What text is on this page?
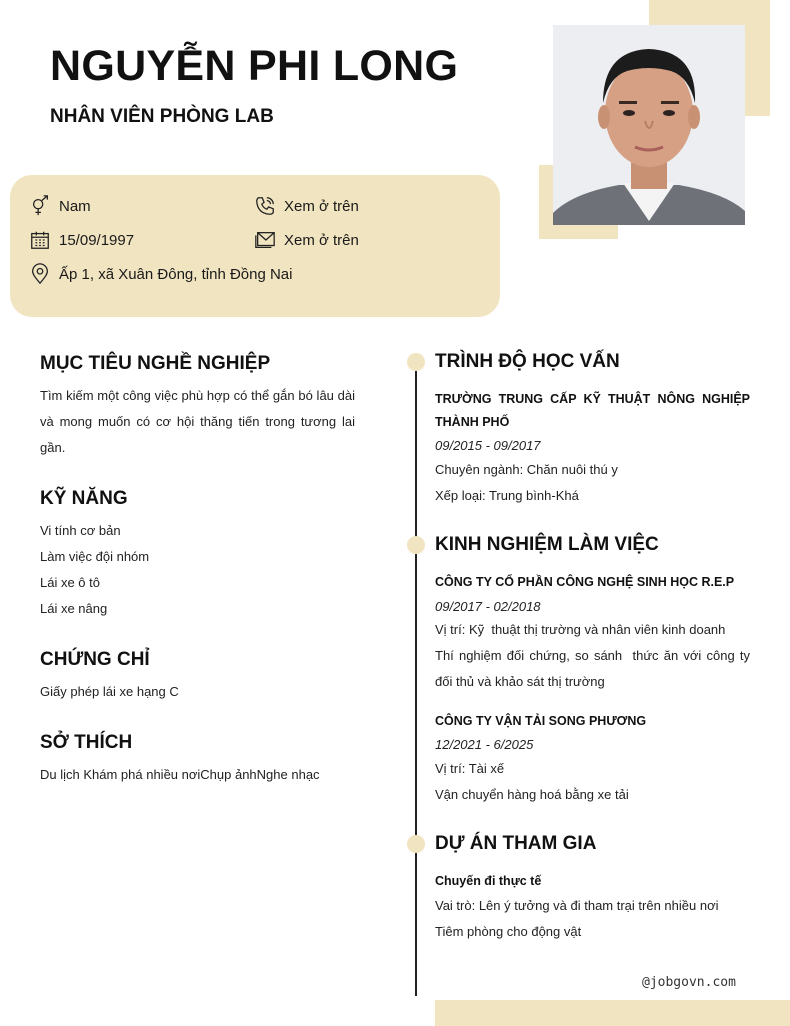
NGUYỄN PHI LONG
NHÂN VIÊN PHÒNG LAB
Nam
15/09/1997
Ấp 1, xã Xuân Đông, tỉnh Đồng Nai
Xem ở trên
Xem ở trên
MỤC TIÊU NGHỀ NGHIỆP
Tìm kiếm một công việc phù hợp có thể gắn bó lâu dài và mong muốn có cơ hội thăng tiến trong tương lai gần.
KỸ NĂNG
Vi tính cơ bản
Làm việc đội nhóm
Lái xe ô tô
Lái xe nâng
CHỨNG CHỈ
Giấy phép lái xe hạng C
SỞ THÍCH
Du lịch Khám phá nhiều nơiChụp ảnhNghe nhạc
TRÌNH ĐỘ HỌC VẤN
TRƯỜNG TRUNG CẤP KỸ THUẬT NÔNG NGHIỆP THÀNH PHỐ
09/2015 - 09/2017
Chuyên ngành: Chăn nuôi thú y
Xếp loại: Trung bình-Khá
KINH NGHIỆM LÀM VIỆC
CÔNG TY CỔ PHẦN CÔNG NGHỆ SINH HỌC R.E.P
09/2017 - 02/2018
Vị trí: Kỹ  thuật thị trường và nhân viên kinh doanh
Thí nghiệm đối chứng, so sánh  thức ăn với công ty đối thủ và khảo sát thị trường
CÔNG TY VẬN TẢI SONG PHƯƠNG
12/2021 - 6/2025
Vị trí: Tài xế
Vận chuyển hàng hoá bằng xe tải
DỰ ÁN THAM GIA
Chuyến đi thực tế
Vai trò: Lên ý tưởng và đi tham trại trên nhiều nơi
Tiêm phòng cho động vật
@jobgovn.com
